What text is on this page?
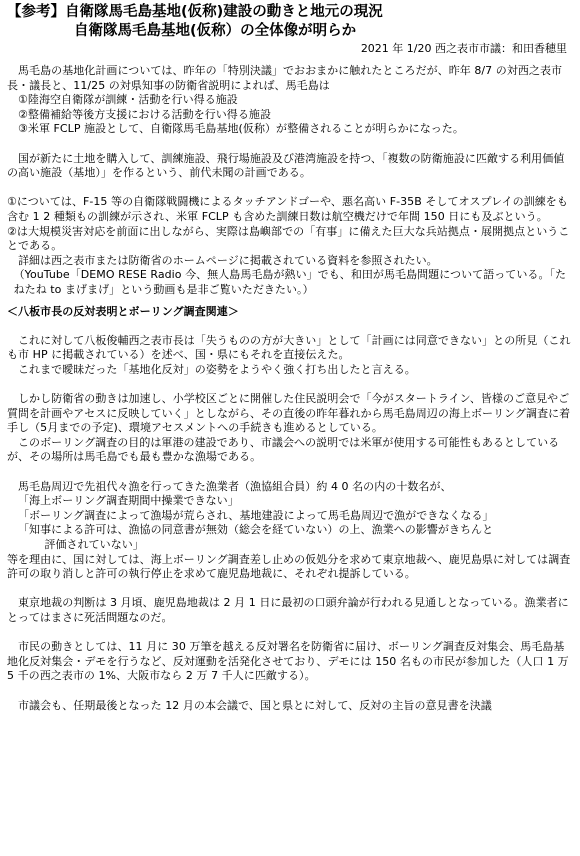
【参考】自衛隊馬毛島基地(仮称)建設の動きと地元の現況
自衛隊馬毛島基地(仮称）の全体像が明らか
2021 年 1/20 西之表市市議：和田香穂里

馬毛島の基地化計画については、昨年の「特別決議」でおおまかに触れたところだが、昨年 8/7 の対西之表市長・議長と、11/25 の対県知事の防衛省説明によれば、馬毛島は

①陸海空自衛隊が訓練・活動を行い得る施設

②整備補給等後方支援における活動を行い得る施設

③米軍 FCLP 施設として、自衛隊馬毛島基地(仮称）が整備されることが明らかになった。

国が新たに土地を購入して、訓練施設、飛行場施設及び港湾施設を持つ、「複数の防衛施設に匹敵する利用価値の高い施設（基地）」を作るという、前代未聞の計画である。

①については、F-15 等の自衛隊戦闘機によるタッチアンドゴーや、悪名高い F-35B そしてオスプレイの訓練をも含む 1 2 種類もの訓練が示され、米軍 FCLP も含めた訓練日数は航空機だけで年間 150 日にも及ぶという。

②は大規模災害対応を前面に出しながら、実際は島嶼部での「有事」に備えた巨大な兵站拠点・展開拠点ということである。

詳細は西之表市または防衛省のホームページに掲載されている資料を参照されたい。

（YouTube「DEMO RESE Radio 今、無人島馬毛島が熱い」でも、和田が馬毛島問題について語っている。「たねたね to まげまげ」という動画も是非ご覧いただきたい。）

＜八板市長の反対表明とボーリング調査関連＞

これに対して八板俊輔西之表市長は「失うものの方が大きい」として「計画には同意できない」との所見（これも市 HP に掲載されている）を述べ、国・県にもそれを直接伝えた。

これまで曖昧だった「基地化反対」の姿勢をようやく強く打ち出したと言える。

しかし防衛省の動きは加速し、小学校区ごとに開催した住民説明会で「今がスタートライン、皆様のご意見やご質問を計画やアセスに反映していく」としながら、その直後の昨年暮れから馬毛島周辺の海上ボーリング調査に着手し（5月までの予定)、環境アセスメントへの手続きも進めるとしている。

このボーリング調査の目的は軍港の建設であり、市議会への説明では米軍が使用する可能性もあるとしているが、その場所は馬毛島でも最も豊かな漁場である。

馬毛島周辺で先祖代々漁を行ってきた漁業者（漁協組合員）約 4 0 名の内の十数名が、

「海上ボーリング調査期間中操業できない」

「ボーリング調査によって漁場が荒らされ、基地建設によって馬毛島周辺で漁ができなくなる」

「知事による許可は、漁協の同意書が無効（総会を経ていない）の上、漁業への影響がきちんと

評価されていない」

等を理由に、国に対しては、海上ボーリング調査差し止めの仮処分を求めて東京地裁へ、鹿児島県に対しては調査許可の取り消しと許可の執行停止を求めて鹿児島地裁に、それぞれ提訴している。

東京地裁の判断は 3 月頃、鹿児島地裁は 2 月 1 日に最初の口頭弁論が行われる見通しとなっている。漁業者にとってはまさに死活問題なのだ。

市民の動きとしては、11 月に 30 万筆を越える反対署名を防衛省に届け、ボーリング調査反対集会、馬毛島基地化反対集会・デモを行うなど、反対運動を活発化させており、デモには 150 名もの市民が参加した（人口 1 万 5 千の西之表市の 1%、大阪市なら 2 万 7 千人に匹敵する）。

市議会も、任期最後となった 12 月の本会議で、国と県とに対して、反対の主旨の意見書を決議
